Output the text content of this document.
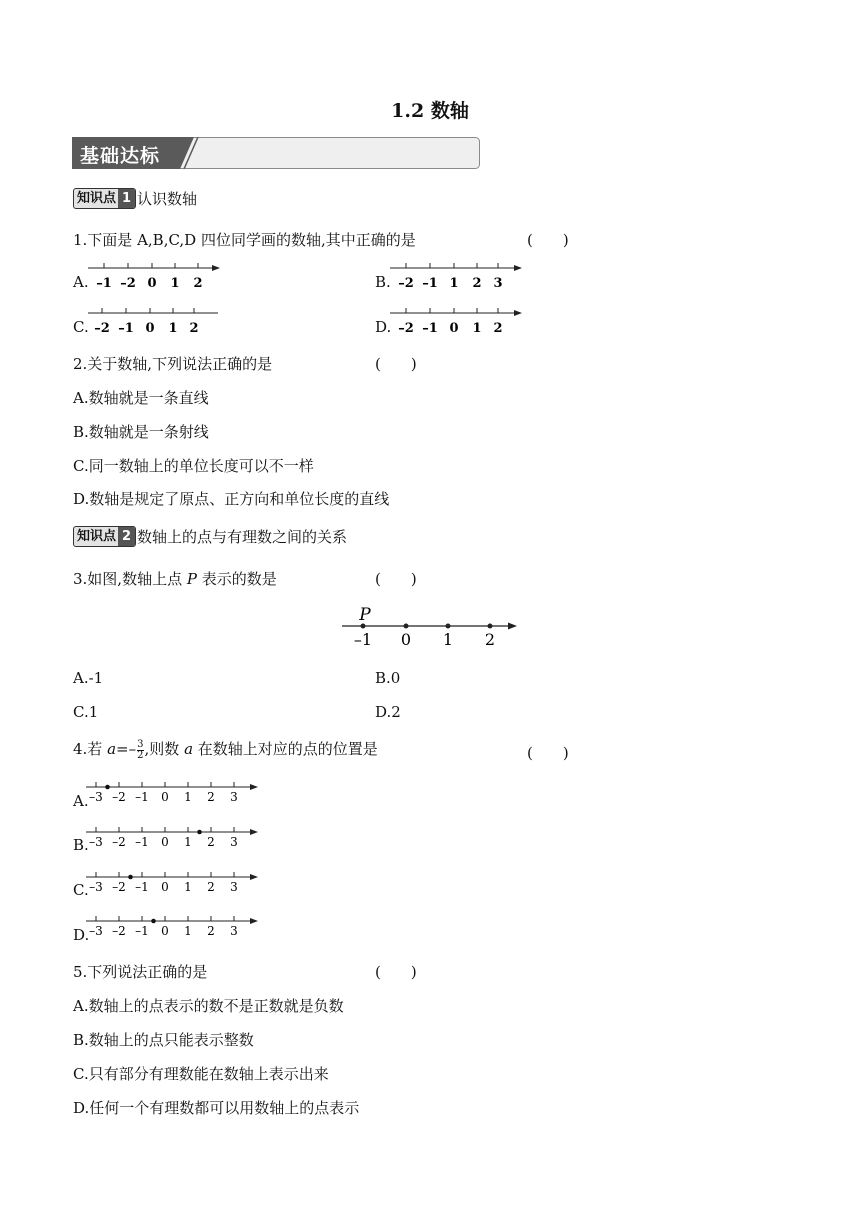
1.2 数轴
基础达标
知识点 1 认识数轴
1.下面是 A,B,C,D 四位同学画的数轴,其中正确的是	(　　)
A. –1 –2 0 1 2	B. –2 –1 1 2 3
C. –2 –1 0 1 2	D. –2 –1 0 1 2
2.关于数轴,下列说法正确的是	(　　)
A.数轴就是一条直线
B.数轴就是一条射线
C.同一数轴上的单位长度可以不一样
D.数轴是规定了原点、正方向和单位长度的直线
知识点 2 数轴上的点与有理数之间的关系
3.如图,数轴上点 P 表示的数是	(　　)
P
–1 0 1 2
A.-1	B.0
C.1	D.2
4.若 $a=- \frac{3}{2}$ ,则数 a 在数轴上对应的点的位置是	(　　)
A. –3 –2 –1 0 1 2 3
B. –3 –2 –1 0 1 2 3
C. –3 –2 –1 0 1 2 3
D. –3 –2 –1 0 1 2 3
5.下列说法正确的是	(　　)
A.数轴上的点表示的数不是正数就是负数
B.数轴上的点只能表示整数
C.只有部分有理数能在数轴上表示出来
D.任何一个有理数都可以用数轴上的点表示
